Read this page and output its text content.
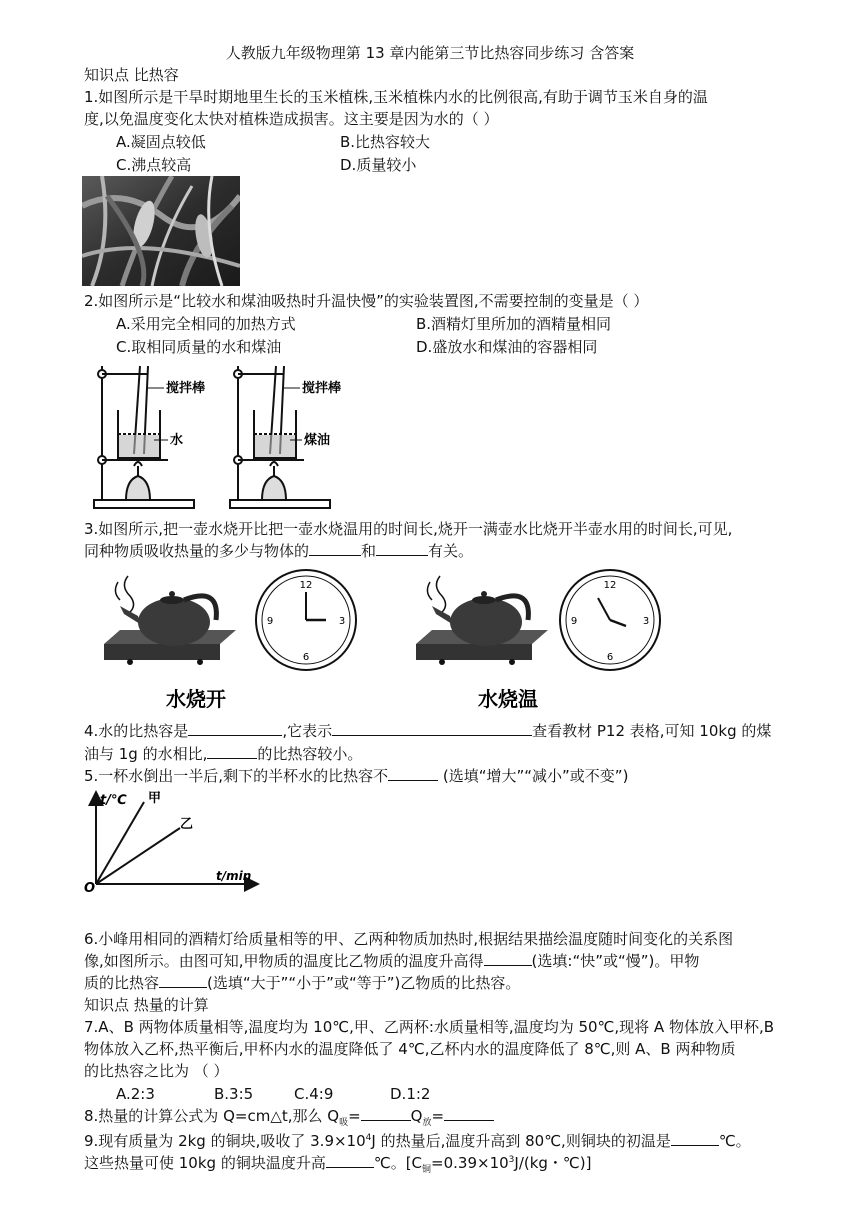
人教版九年级物理第 13 章内能第三节比热容同步练习 含答案
知识点 比热容
1.如图所示是干旱时期地里生长的玉米植株,玉米植株内水的比例很高,有助于调节玉米自身的温
度,以免温度变化太快对植株造成损害。这主要是因为水的（ ）
A.凝固点较低	B.比热容较大
C.沸点较高	D.质量较小
2.如图所示是“比较水和煤油吸热时升温快慢”的实验装置图,不需要控制的变量是（ ）
A.采用完全相同的加热方式	B.酒精灯里所加的酒精量相同
C.取相同质量的水和煤油	D.盛放水和煤油的容器相同
搅拌棒
水
搅拌棒
煤油
3.如图所示,把一壶水烧开比把一壶水烧温用的时间长,烧开一满壶水比烧开半壶水用的时间长,可见,
同种物质吸收热量的多少与物体的	和	有关。
12
3
6
9
水烧开
12
3
6
9
水烧温
4.水的比热容是	,它表示	查看教材 P12 表格,可知 10kg 的煤
油与 1g 的水相比,	的比热容较小。
5.一杯水倒出一半后,剩下的半杯水的比热容不	(选填“增大”“减小”或不变”)
t/℃ 甲
乙
O
t/min
6.小峰用相同的酒精灯给质量相等的甲、乙两种物质加热时,根据结果描绘温度随时间变化的关系图
像,如图所示。由图可知,甲物质的温度比乙物质的温度升高得	(选填:“快”或“慢”)。甲物
质的比热容	(选填“大于”“小于”或“等于”)乙物质的比热容。
知识点 热量的计算
7.A、B 两物体质量相等,温度均为 10℃,甲、乙两杯:水质量相等,温度均为 50℃,现将 A 物体放入甲杯,B
物体放入乙杯,热平衡后,甲杯内水的温度降低了 4℃,乙杯内水的温度降低了 8℃,则 A、B 两种物质
的比热容之比为 （ ）
A.2:3	B.3:5	C.4:9	D.1:2
8.热量的计算公式为 Q=cm△t,那么 $Q_吸=$	$Q_放=$
9.现有质量为 2kg 的铜块,吸收了 $3.9\times 10^4J$ 的热量后,温度升高到 80℃,则铜块的初温是	℃。
这些热量可使 10kg 的铜块温度升高	℃。[$C_铜=0.39\times 10^3J/(kg$・℃)]
